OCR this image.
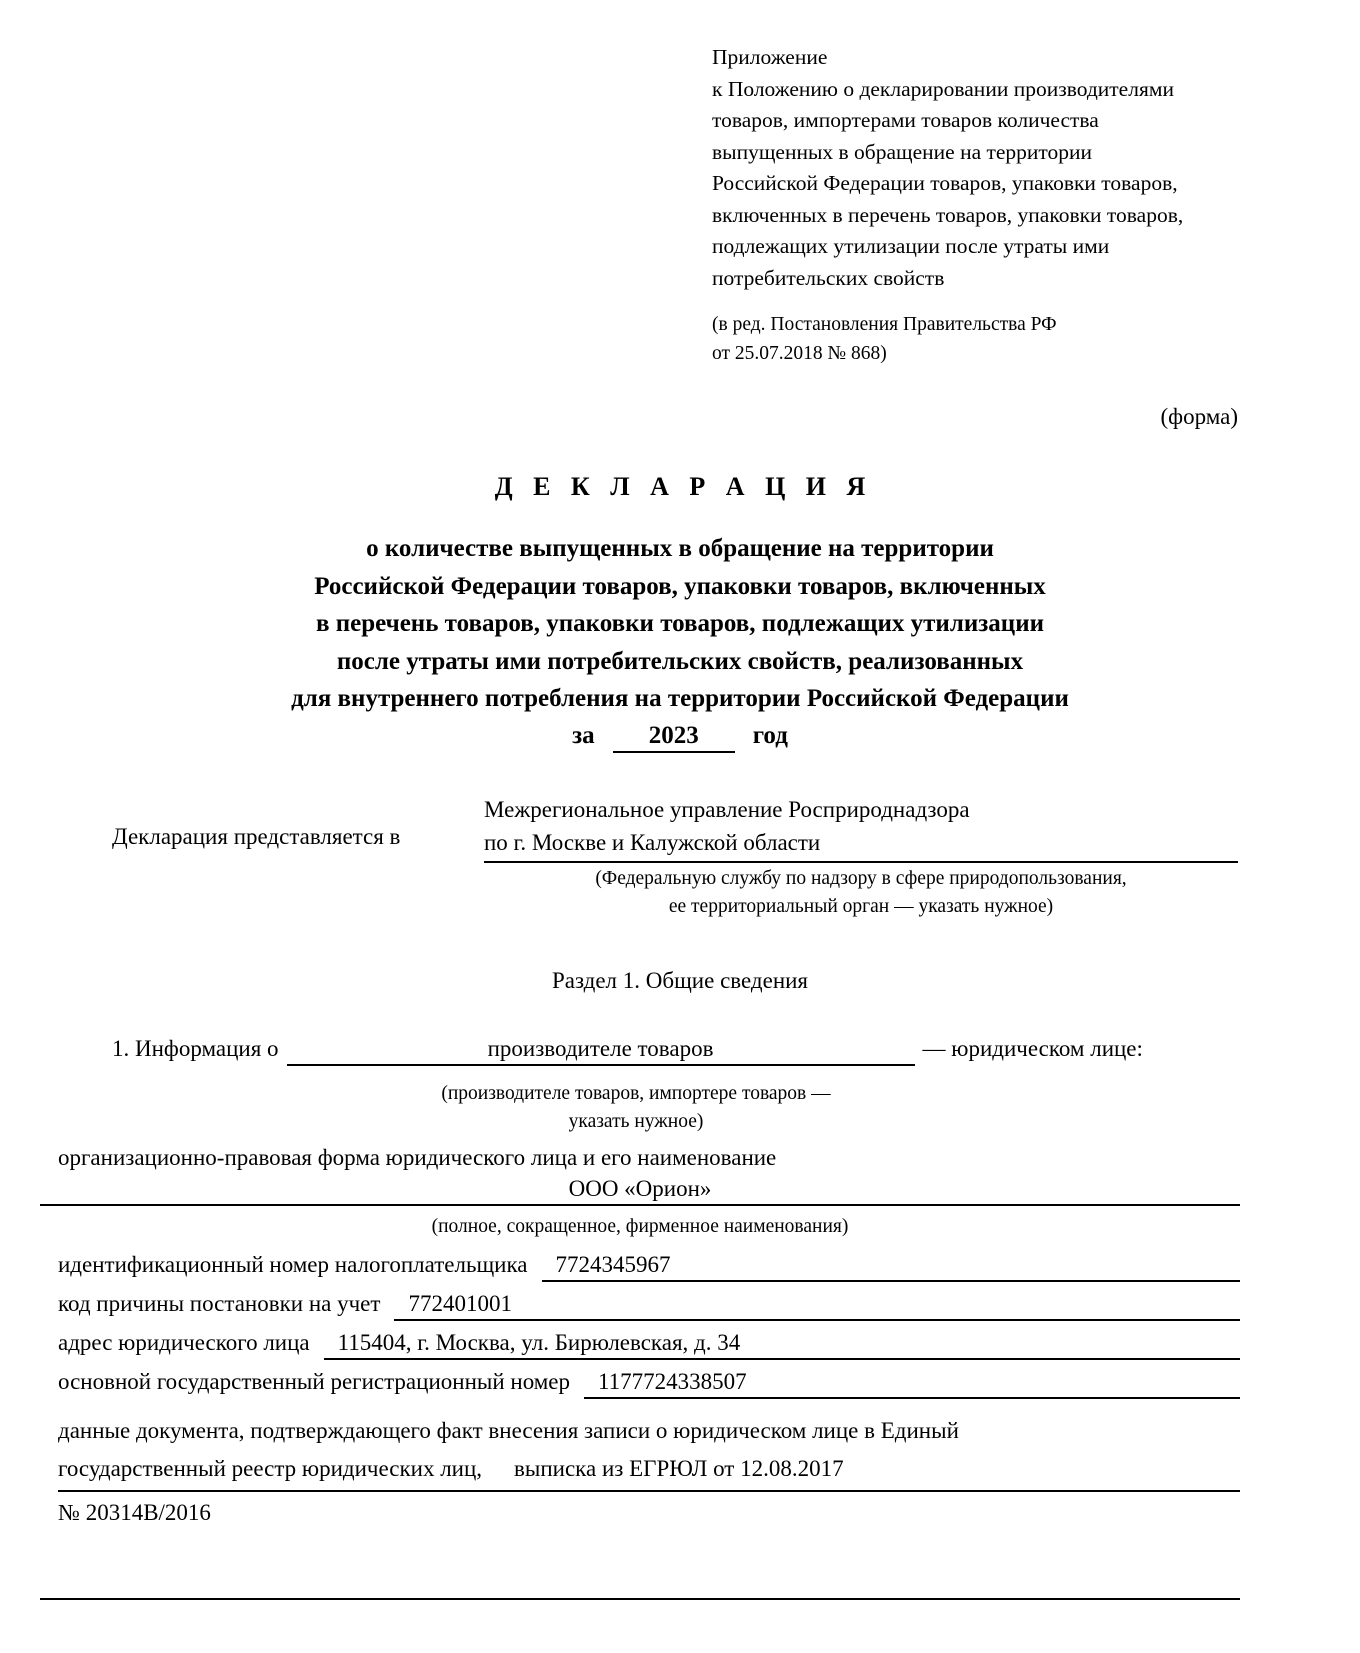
Приложение
к Положению о декларировании производителями
товаров, импортерами товаров количества
выпущенных в обращение на территории
Российской Федерации товаров, упаковки товаров,
включенных в перечень товаров, упаковки товаров,
подлежащих утилизации после утраты ими
потребительских свойств
(в ред. Постановления Правительства РФ
от 25.07.2018 № 868)
(форма)
Д Е К Л А Р А Ц И Я
о количестве выпущенных в обращение на территории
Российской Федерации товаров, упаковки товаров, включенных
в перечень товаров, упаковки товаров, подлежащих утилизации
после утраты ими потребительских свойств, реализованных
для внутреннего потребления на территории Российской Федерации
за 2023 год
Декларация представляется в
Межрегиональное управление Росприроднадзора
по г. Москве и Калужской области
(Федеральную службу по надзору в сфере природопользования,
ее территориальный орган — указать нужное)
Раздел 1. Общие сведения
1. Информация о	производителе товаров	— юридическом лице:
(производителе товаров, импортере товаров —
указать нужное)
организационно-правовая форма юридического лица и его наименование
ООО «Орион»
(полное, сокращенное, фирменное наименования)
идентификационный номер налогоплательщика	7724345967
код причины постановки на учет	772401001
адрес юридического лица	115404, г. Москва, ул. Бирюлевская, д. 34
основной государственный регистрационный номер	1177724338507
данные документа, подтверждающего факт внесения записи о юридическом лице в Единый
государственный реестр юридических лиц,	выписка из ЕГРЮЛ от 12.08.2017
№ 20314В/2016
